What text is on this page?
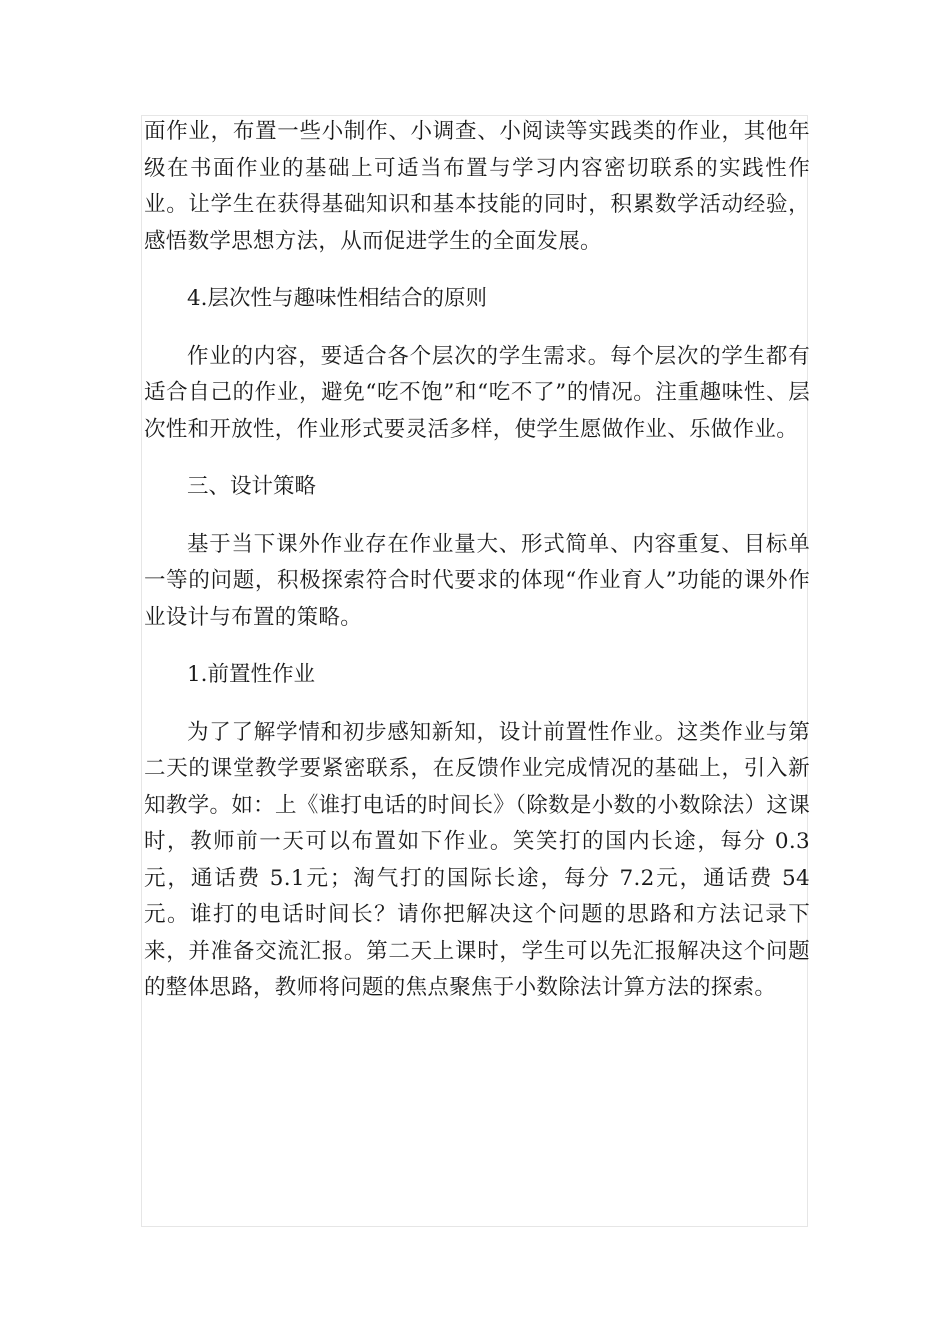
面作业，布置一些小制作、小调查、小阅读等实践类的作业，其他年级在书面作业的基础上可适当布置与学习内容密切联系的实践性作业。让学生在获得基础知识和基本技能的同时，积累数学活动经验，感悟数学思想方法，从而促进学生的全面发展。

4.层次性与趣味性相结合的原则

作业的内容，要适合各个层次的学生需求。每个层次的学生都有适合自己的作业，避免“吃不饱”和“吃不了”的情况。注重趣味性、层次性和开放性，作业形式要灵活多样，使学生愿做作业、乐做作业。

三、设计策略

基于当下课外作业存在作业量大、形式简单、内容重复、目标单一等的问题，积极探索符合时代要求的体现“作业育人”功能的课外作业设计与布置的策略。

1.前置性作业

为了了解学情和初步感知新知，设计前置性作业。这类作业与第二天的课堂教学要紧密联系，在反馈作业完成情况的基础上，引入新知教学。如：上《谁打电话的时间长》（除数是小数的小数除法）这课时，教师前一天可以布置如下作业。笑笑打的国内长途，每分 0.3 元，通话费 5.1元；淘气打的国际长途，每分 7.2元，通话费 54 元。谁打的电话时间长？请你把解决这个问题的思路和方法记录下来，并准备交流汇报。第二天上课时，学生可以先汇报解决这个问题的整体思路，教师将问题的焦点聚焦于小数除法计算方法的探索。
